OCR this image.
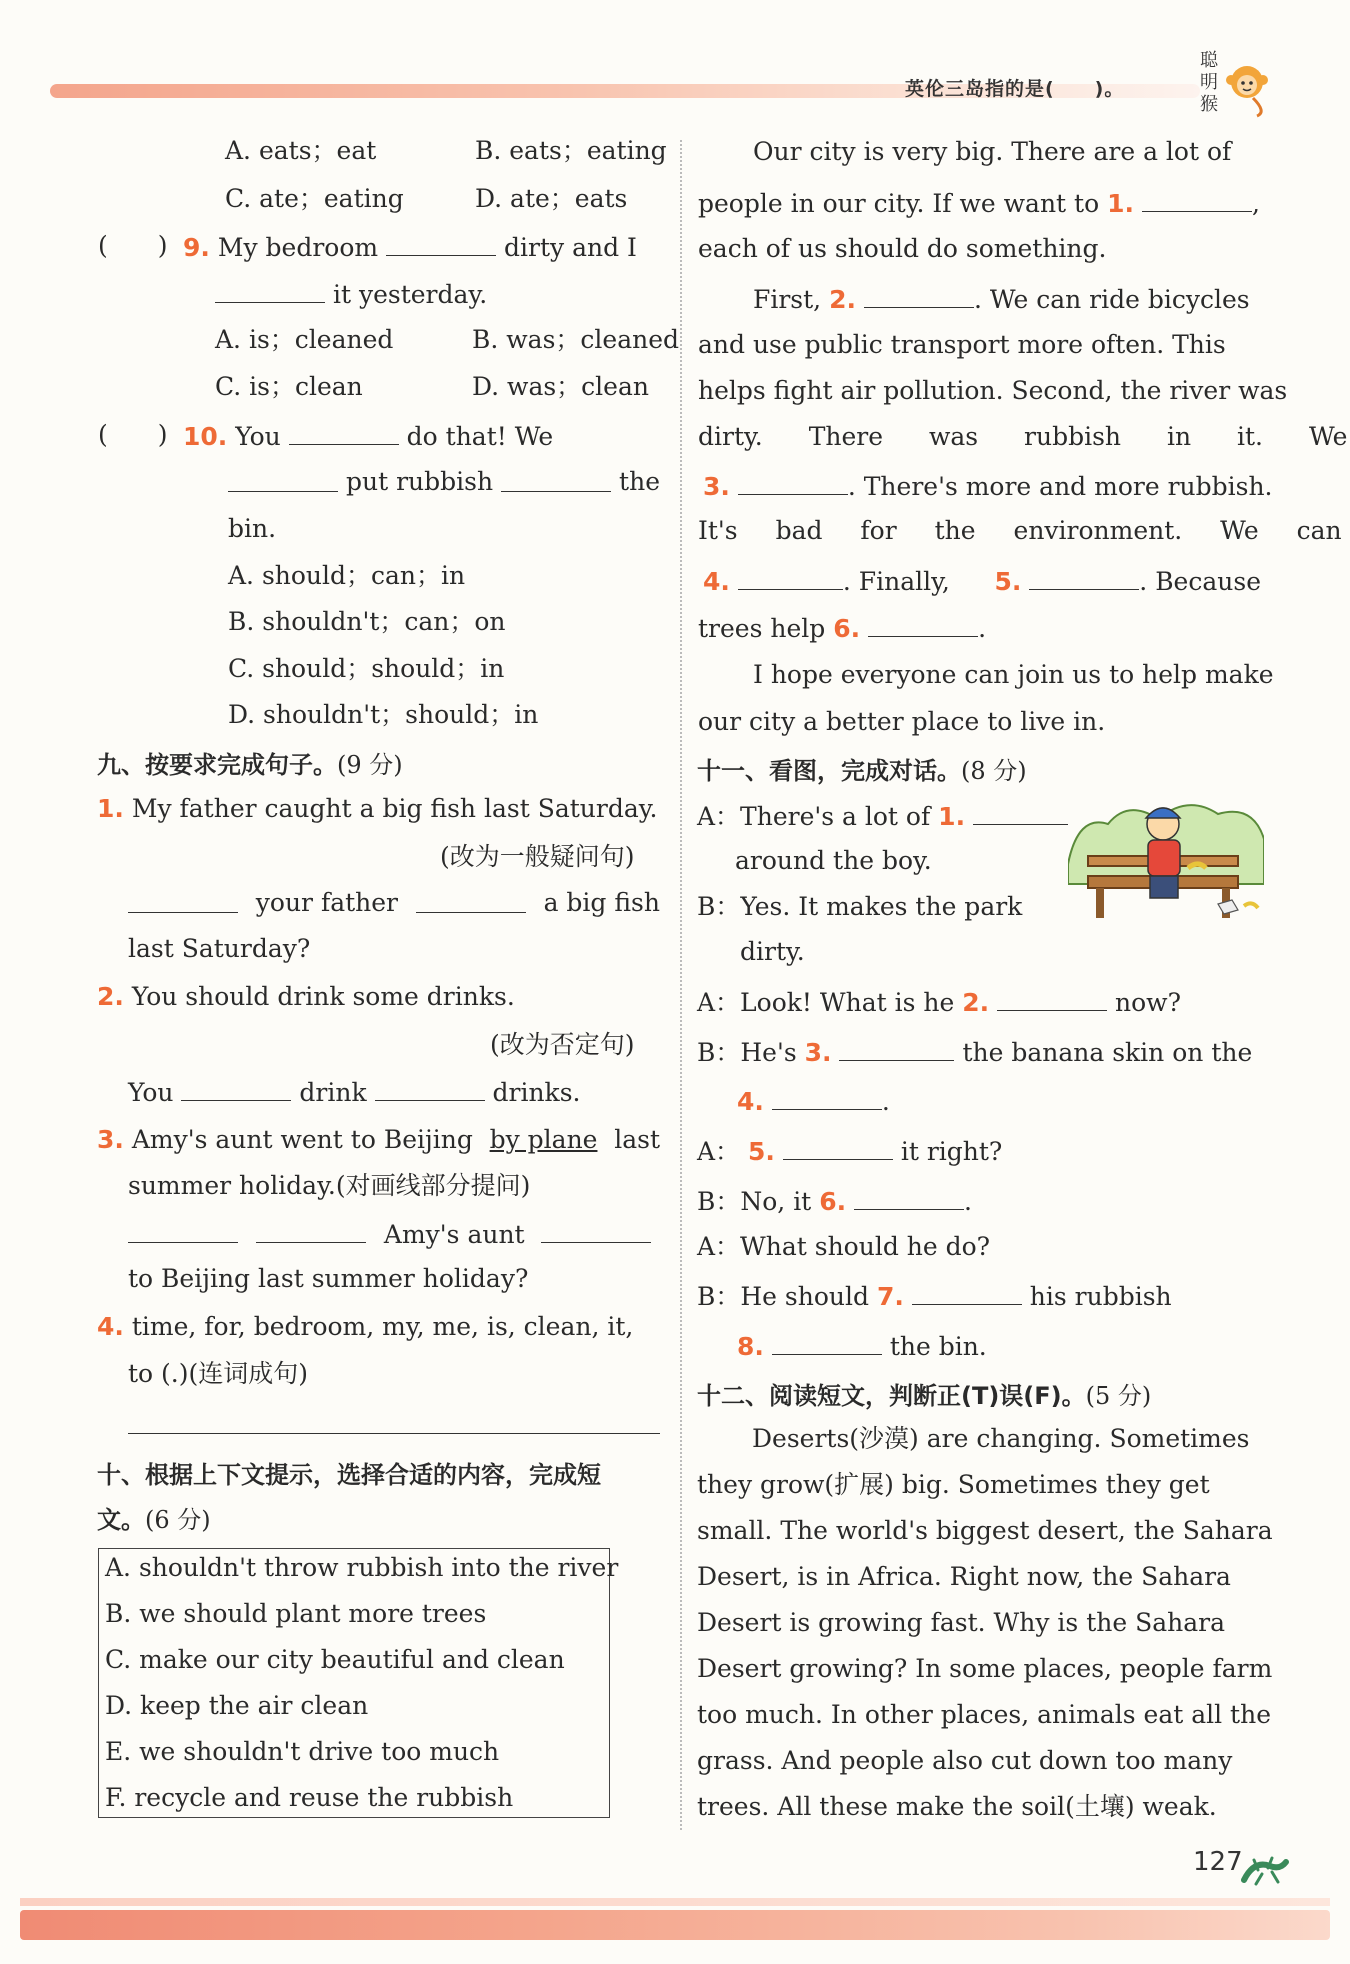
英伦三岛指的是(　　)。
聪明猴
A. eats；eat	B. eats；eating
C. ate；eating	D. ate；eats
(　　) 9. My bedroom	dirty and I
it yesterday.
A. is；cleaned	B. was；cleaned
C. is；clean	D. was；clean
(　　) 10. You	do that! We
put rubbish	the
bin.
A. should；can；in
B. shouldn't；can；on
C. should；should；in
D. shouldn't；should；in
九、按要求完成句子。(9 分)
1. My father caught a big fish last Saturday.
(改为一般疑问句)
your father	a big fish
last Saturday?
2. You should drink some drinks.
(改为否定句)
You	drink	drinks.
3. Amy's aunt went to Beijing by plane last
summer holiday.(对画线部分提问)
Amy's aunt
to Beijing last summer holiday?
4. time, for, bedroom, my, me, is, clean, it,
to (.)(连词成句)
十、根据上下文提示，选择合适的内容，完成短
文。(6 分)
A. shouldn't throw rubbish into the river
B. we should plant more trees
C. make our city beautiful and clean
D. keep the air clean
E. we shouldn't drive too much
F. recycle and reuse the rubbish
Our city is very big. There are a lot of
people in our city. If we want to 1.	,
each of us should do something.
First, 2.	. We can ride bicycles
and use public transport more often. This
helps fight air pollution. Second, the river was
dirty. There was rubbish in it. We
3.	. There's more and more rubbish.
It's bad for the environment. We can
4.	. Finally, 5.	. Because
trees help 6.	.
I hope everyone can join us to help make
our city a better place to live in.
十一、看图，完成对话。(8 分)
A：There's a lot of 1.
around the boy.
B：Yes. It makes the park
dirty.
A：Look! What is he 2.	now?
B：He's 3.	the banana skin on the
4.	.
A： 5.	it right?
B：No, it 6.	.
A：What should he do?
B：He should 7.	his rubbish
8.	the bin.
十二、阅读短文，判断正(T)误(F)。(5 分)
Deserts(沙漠) are changing. Sometimes
they grow(扩展) big. Sometimes they get
small. The world's biggest desert, the Sahara
Desert, is in Africa. Right now, the Sahara
Desert is growing fast. Why is the Sahara
Desert growing? In some places, people farm
too much. In other places, animals eat all the
grass. And people also cut down too many
trees. All these make the soil(土壤) weak.
127
